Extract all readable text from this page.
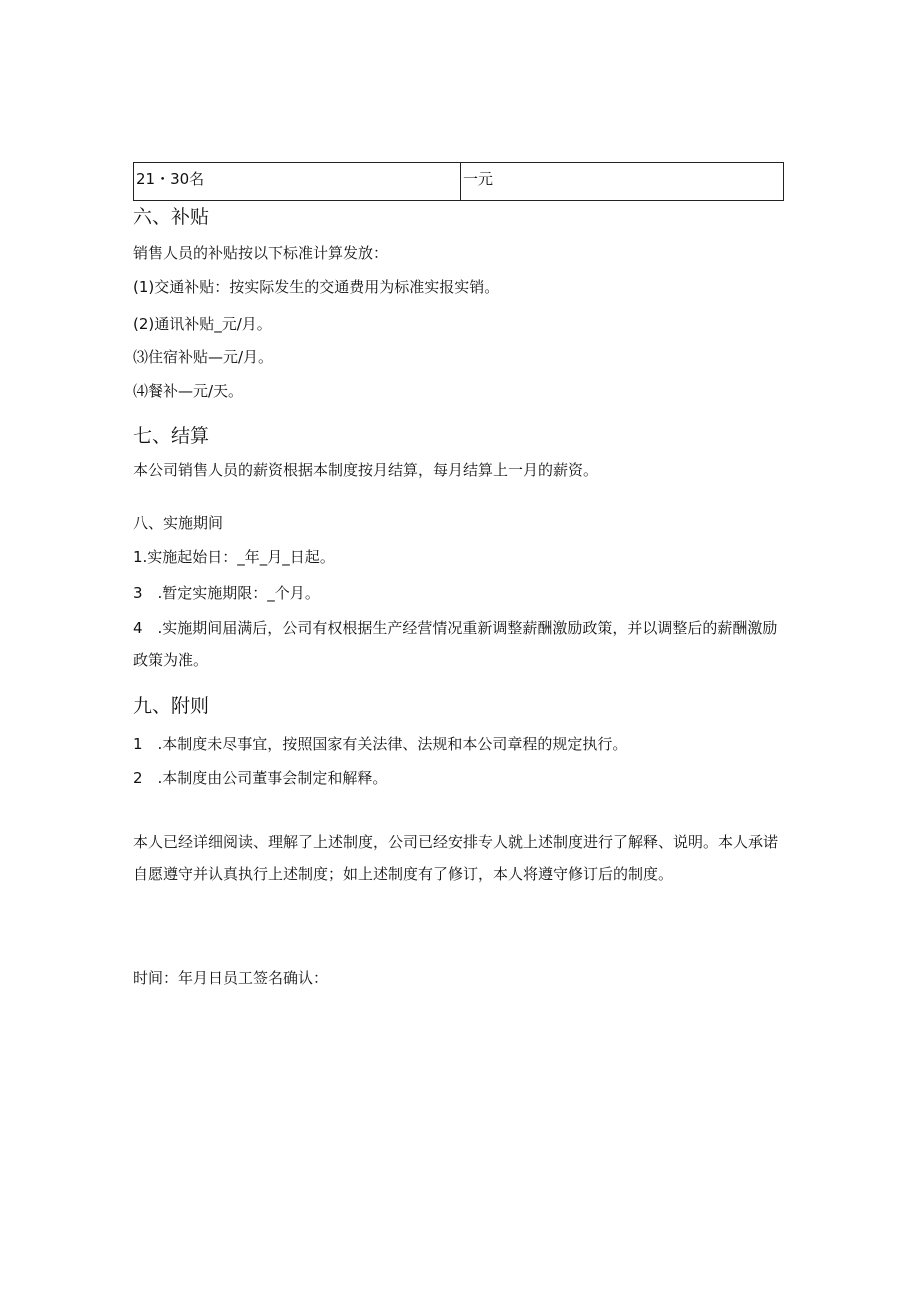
21・30名	一元
六、补贴
销售人员的补贴按以下标准计算发放：
(1)交通补贴：按实际发生的交通费用为标准实报实销。
(2)通讯补贴_元/月。
⑶住宿补贴—元/月。
⑷餐补—元/天。
七、结算
本公司销售人员的薪资根据本制度按月结算，每月结算上一月的薪资。
八、实施期间
1.实施起始日：_年_月_日起。
3　.暂定实施期限：_个月。
4　.实施期间届满后，公司有权根据生产经营情况重新调整薪酬激励政策，并以调整后的薪酬激励政策为准。
九、附则
1　.本制度未尽事宜，按照国家有关法律、法规和本公司章程的规定执行。
2　.本制度由公司董事会制定和解释。
本人已经详细阅读、理解了上述制度，公司已经安排专人就上述制度进行了解释、说明。本人承诺自愿遵守并认真执行上述制度；如上述制度有了修订，本人将遵守修订后的制度。
时间：年月日员工签名确认：
